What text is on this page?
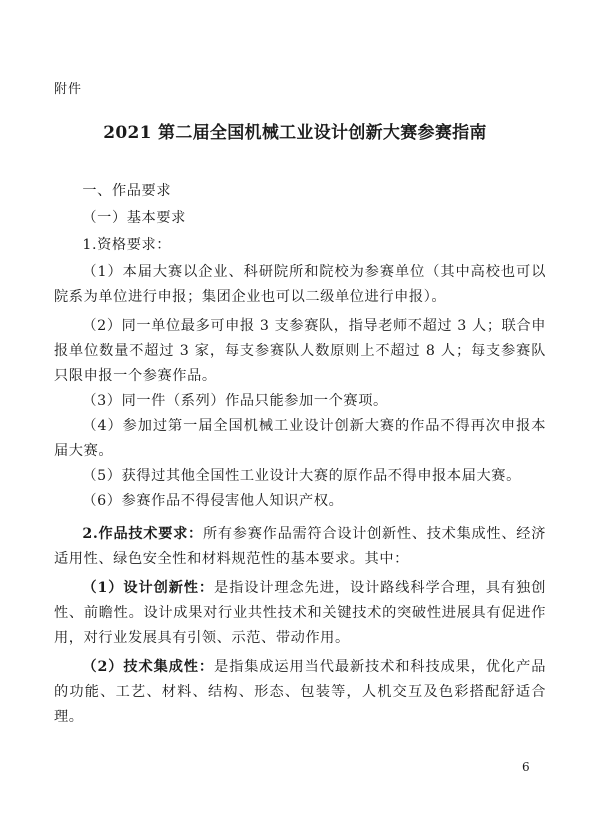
附件
2021 第二届全国机械工业设计创新大赛参赛指南

一、作品要求

（一）基本要求

1.资格要求：

（1）本届大赛以企业、科研院所和院校为参赛单位（其中高校也可以院系为单位进行申报；集团企业也可以二级单位进行申报）。

（2）同一单位最多可申报 3 支参赛队，指导老师不超过 3 人；联合申报单位数量不超过 3 家，每支参赛队人数原则上不超过 8 人；每支参赛队只限申报一个参赛作品。

（3）同一件（系列）作品只能参加一个赛项。

（4）参加过第一届全国机械工业设计创新大赛的作品不得再次申报本届大赛。

（5）获得过其他全国性工业设计大赛的原作品不得申报本届大赛。

（6）参赛作品不得侵害他人知识产权。

2.作品技术要求：所有参赛作品需符合设计创新性、技术集成性、经济适用性、绿色安全性和材料规范性的基本要求。其中：

（1）设计创新性：是指设计理念先进，设计路线科学合理，具有独创性、前瞻性。设计成果对行业共性技术和关键技术的突破性进展具有促进作用，对行业发展具有引领、示范、带动作用。

（2）技术集成性：是指集成运用当代最新技术和科技成果，优化产品的功能、工艺、材料、结构、形态、包装等，人机交互及色彩搭配舒适合理。

6
